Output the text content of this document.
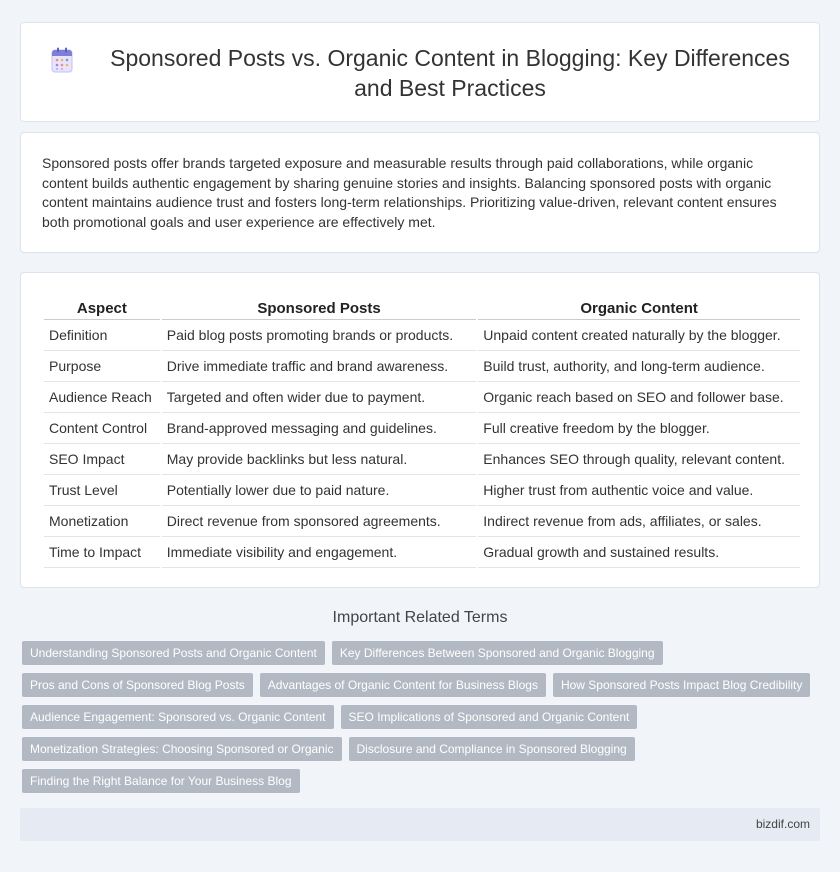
Sponsored Posts vs. Organic Content in Blogging: Key Differences and Best Practices

Sponsored posts offer brands targeted exposure and measurable results through paid collaborations, while organic content builds authentic engagement by sharing genuine stories and insights. Balancing sponsored posts with organic content maintains audience trust and fosters long-term relationships. Prioritizing value-driven, relevant content ensures both promotional goals and user experience are effectively met.

Aspect	Sponsored Posts	Organic Content
Definition	Paid blog posts promoting brands or products.	Unpaid content created naturally by the blogger.
Purpose	Drive immediate traffic and brand awareness.	Build trust, authority, and long-term audience.
Audience Reach	Targeted and often wider due to payment.	Organic reach based on SEO and follower base.
Content Control	Brand-approved messaging and guidelines.	Full creative freedom by the blogger.
SEO Impact	May provide backlinks but less natural.	Enhances SEO through quality, relevant content.
Trust Level	Potentially lower due to paid nature.	Higher trust from authentic voice and value.
Monetization	Direct revenue from sponsored agreements.	Indirect revenue from ads, affiliates, or sales.
Time to Impact	Immediate visibility and engagement.	Gradual growth and sustained results.
Important Related Terms
Understanding Sponsored Posts and Organic Content	Key Differences Between Sponsored and Organic Blogging
Pros and Cons of Sponsored Blog Posts	Advantages of Organic Content for Business Blogs	How Sponsored Posts Impact Blog Credibility
Audience Engagement: Sponsored vs. Organic Content	SEO Implications of Sponsored and Organic Content
Monetization Strategies: Choosing Sponsored or Organic	Disclosure and Compliance in Sponsored Blogging
Finding the Right Balance for Your Business Blog
bizdif.com
